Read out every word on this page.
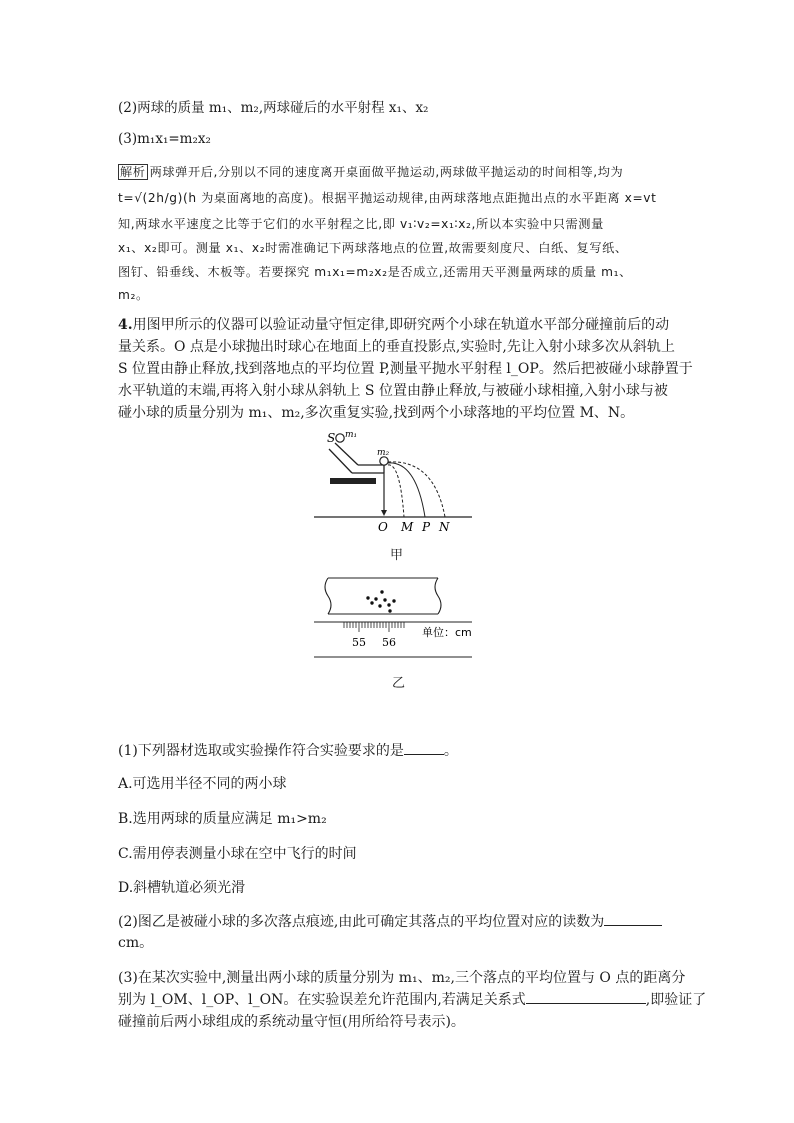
(2)两球的质量 m₁、m₂,两球碰后的水平射程 x₁、x₂
(3)m₁x₁=m₂x₂
解析 两球弹开后,分别以不同的速度离开桌面做平抛运动,两球做平抛运动的时间相等,均为
t=√(2h/g)(h 为桌面离地的高度)。根据平抛运动规律,由两球落地点距抛出点的水平距离 x=vt
知,两球水平速度之比等于它们的水平射程之比,即 v₁∶v₂=x₁∶x₂,所以本实验中只需测量
x₁、x₂即可。测量 x₁、x₂时需准确记下两球落地点的位置,故需要刻度尺、白纸、复写纸、
图钉、铅垂线、木板等。若要探究 m₁x₁=m₂x₂是否成立,还需用天平测量两球的质量 m₁、
m₂。
4.用图甲所示的仪器可以验证动量守恒定律,即研究两个小球在轨道水平部分碰撞前后的动
量关系。O 点是小球抛出时球心在地面上的垂直投影点,实验时,先让入射小球多次从斜轨上
S 位置由静止释放,找到落地点的平均位置 P,测量平抛水平射程 l_OP。然后把被碰小球静置于
水平轨道的末端,再将入射小球从斜轨上 S 位置由静止释放,与被碰小球相撞,入射小球与被
碰小球的质量分别为 m₁、m₂,多次重复实验,找到两个小球落地的平均位置 M、N。
S m₁
m₂
O M P N
甲
55 56
单位：cm
乙
(1)下列器材选取或实验操作符合实验要求的是	。
A.可选用半径不同的两小球
B.选用两球的质量应满足 m₁>m₂
C.需用停表测量小球在空中飞行的时间
D.斜槽轨道必须光滑
(2)图乙是被碰小球的多次落点痕迹,由此可确定其落点的平均位置对应的读数为
cm。
(3)在某次实验中,测量出两小球的质量分别为 m₁、m₂,三个落点的平均位置与 O 点的距离分
别为 l_OM、l_OP、l_ON。在实验误差允许范围内,若满足关系式	,即验证了
碰撞前后两小球组成的系统动量守恒(用所给符号表示)。
